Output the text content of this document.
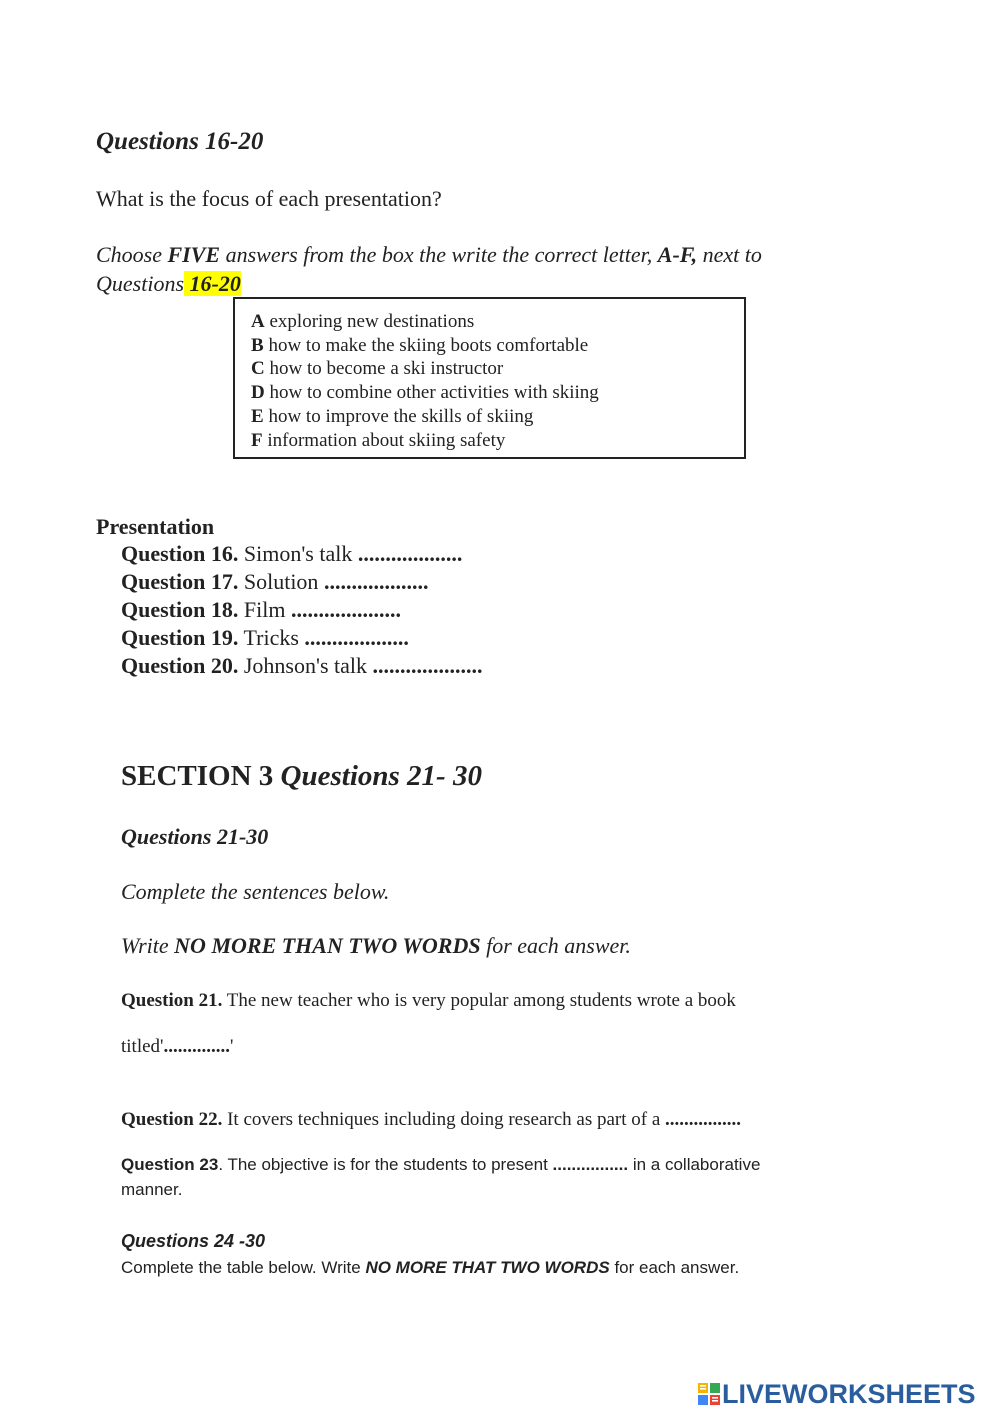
Questions 16-20
What is the focus of each presentation?
Choose FIVE answers from the box the write the correct letter, A-F, next to
Questions 16-20
A exploring new destinations
B how to make the skiing boots comfortable
C how to become a ski instructor
D how to combine other activities with skiing
E how to improve the skills of skiing
F information about skiing safety
Presentation
Question 16. Simon's talk ...................
Question 17. Solution ...................
Question 18. Film ....................
Question 19. Tricks ...................
Question 20. Johnson's talk ....................
SECTION 3 Questions 21- 30
Questions 21-30
Complete the sentences below.
Write NO MORE THAN TWO WORDS for each answer.
Question 21. The new teacher who is very popular among students wrote a book
titled'..............'
Question 22. It covers techniques including doing research as part of a ................
Question 23. The objective is for the students to present ................ in a collaborative
manner.
Questions 24 -30
Complete the table below. Write NO MORE THAT TWO WORDS for each answer.
LIVEWORKSHEETS
